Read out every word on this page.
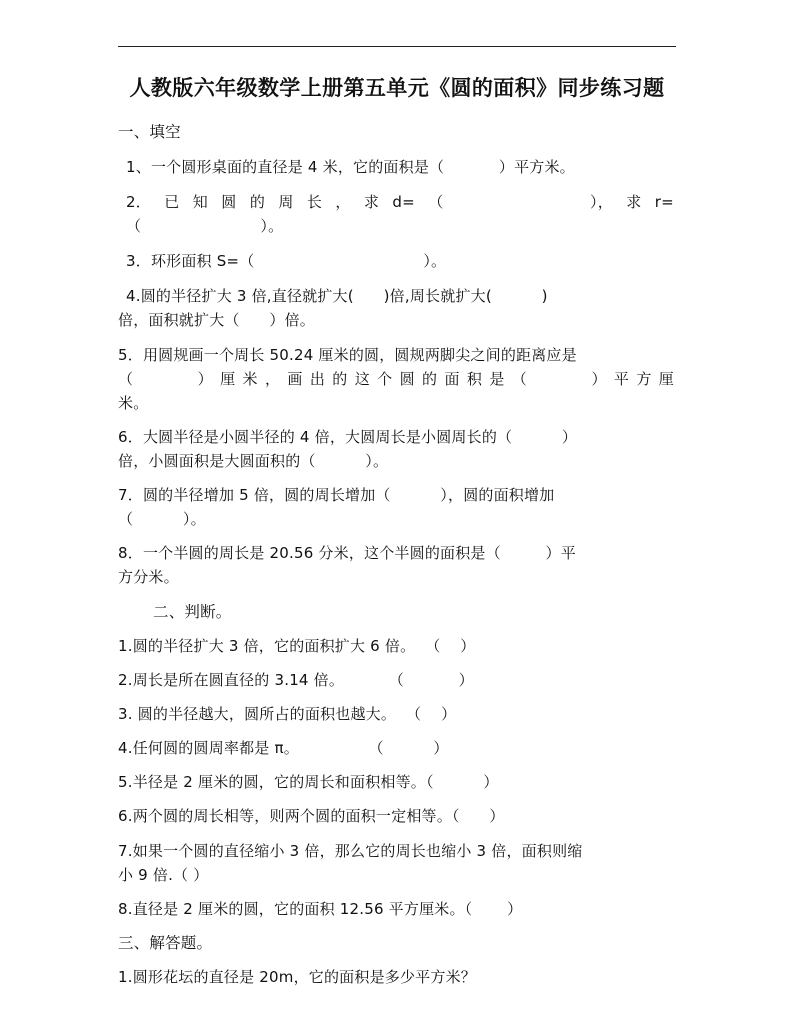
人教版六年级数学上册第五单元《圆的面积》同步练习题
一、填空
1、一个圆形桌面的直径是 4 米，它的面积是（           ）平方米。
2． 已 知 圆 的 周 长 ， 求 d= （	）， 求 r=
（                        ）。
3．环形面积 S=（                                  ）。
4.圆的半径扩大 3 倍,直径就扩大(      )倍,周长就扩大(          )
倍，面积就扩大（      ）倍。
5．用圆规画一个周长 50.24 厘米的圆，圆规两脚尖之间的距离应是
（	） 厘 米 ， 画 出 的 这 个 圆 的 面 积 是 （	） 平 方 厘
米。
6．大圆半径是小圆半径的 4 倍，大圆周长是小圆周长的（          ）
倍，小圆面积是大圆面积的（          ）。
7．圆的半径增加 5 倍，圆的周长增加（          ），圆的面积增加
（          ）。
8．一个半圆的周长是 20.56 分米，这个半圆的面积是（         ）平
方分米。
二、判断。
1.圆的半径扩大 3 倍，它的面积扩大 6 倍。  （    ）
2.周长是所在圆直径的 3.14 倍。         （           ）
3. 圆的半径越大，圆所占的面积也越大。  （    ）
4.任何圆的圆周率都是 π。              （          ）
5.半径是 2 厘米的圆，它的周长和面积相等。（          ）
6.两个圆的周长相等，则两个圆的面积一定相等。（      ）
7.如果一个圆的直径缩小 3 倍，那么它的周长也缩小 3 倍，面积则缩
小 9 倍.（ ）
8.直径是 2 厘米的圆，它的面积 12.56 平方厘米。（       ）
三、解答题。
1.圆形花坛的直径是 20m，它的面积是多少平方米？
